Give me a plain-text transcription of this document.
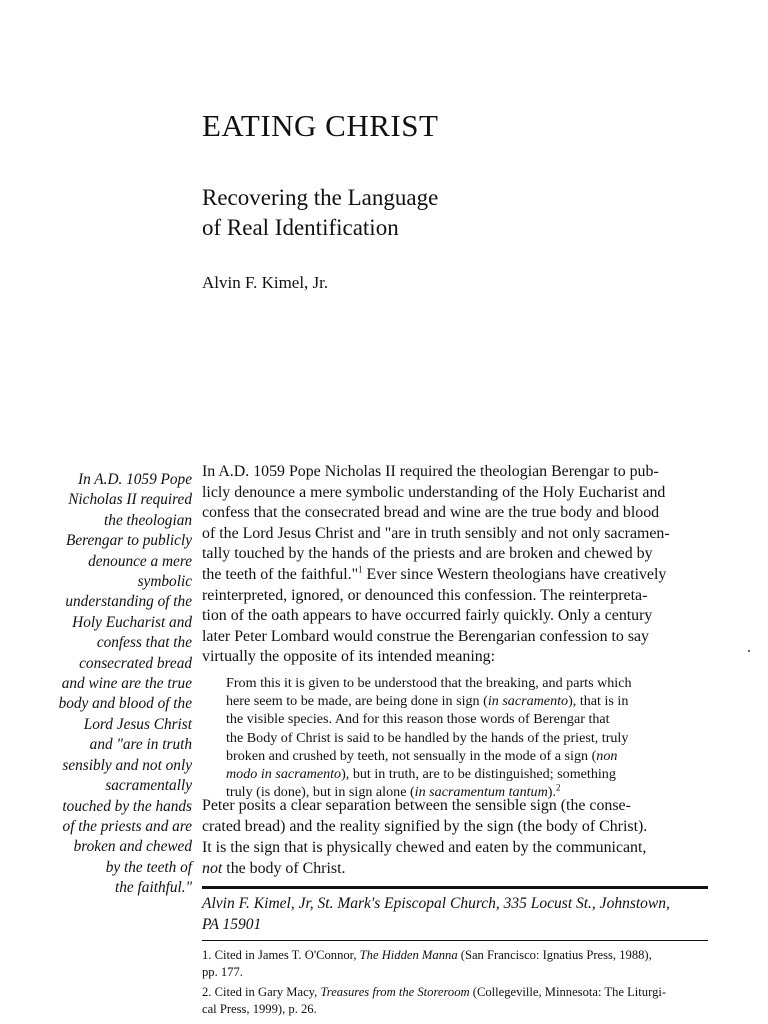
EATING CHRIST
Recovering the Language
of Real Identification

Alvin F. Kimel, Jr.

In A.D. 1059 Pope
Nicholas II required
the theologian
Berengar to publicly
denounce a mere
symbolic
understanding of the
Holy Eucharist and
confess that the
consecrated bread
and wine are the true
body and blood of the
Lord Jesus Christ
and "are in truth
sensibly and not only
sacramentally
touched by the hands
of the priests and are
broken and chewed
by the teeth of
the faithful."
In A.D. 1059 Pope Nicholas II required the theologian Berengar to pub-
licly denounce a mere symbolic understanding of the Holy Eucharist and
confess that the consecrated bread and wine are the true body and blood
of the Lord Jesus Christ and "are in truth sensibly and not only sacramen-
tally touched by the hands of the priests and are broken and chewed by
the teeth of the faithful."$^1$ Ever since Western theologians have creatively
reinterpreted, ignored, or denounced this confession. The reinterpreta-
tion of the oath appears to have occurred fairly quickly. Only a century
later Peter Lombard would construe the Berengarian confession to say
virtually the opposite of its intended meaning:
From this it is given to be understood that the breaking, and parts which
here seem to be made, are being done in sign (in sacramento), that is in
the visible species. And for this reason those words of Berengar that
the Body of Christ is said to be handled by the hands of the priest, truly
broken and crushed by teeth, not sensually in the mode of a sign (non
modo in sacramento), but in truth, are to be distinguished; something
truly (is done), but in sign alone (in sacramentum tantum).$^2$
Peter posits a clear separation between the sensible sign (the conse-
crated bread) and the reality signified by the sign (the body of Christ).
It is the sign that is physically chewed and eaten by the communicant,
not the body of Christ.
Alvin F. Kimel, Jr, St. Mark's Episcopal Church, 335 Locust St., Johnstown,
PA 15901
1. Cited in James T. O'Connor, The Hidden Manna (San Francisco: Ignatius Press, 1988),
pp. 177.
2. Cited in Gary Macy, Treasures from the Storeroom (Collegeville, Minnesota: The Liturgi-
cal Press, 1999), p. 26.
